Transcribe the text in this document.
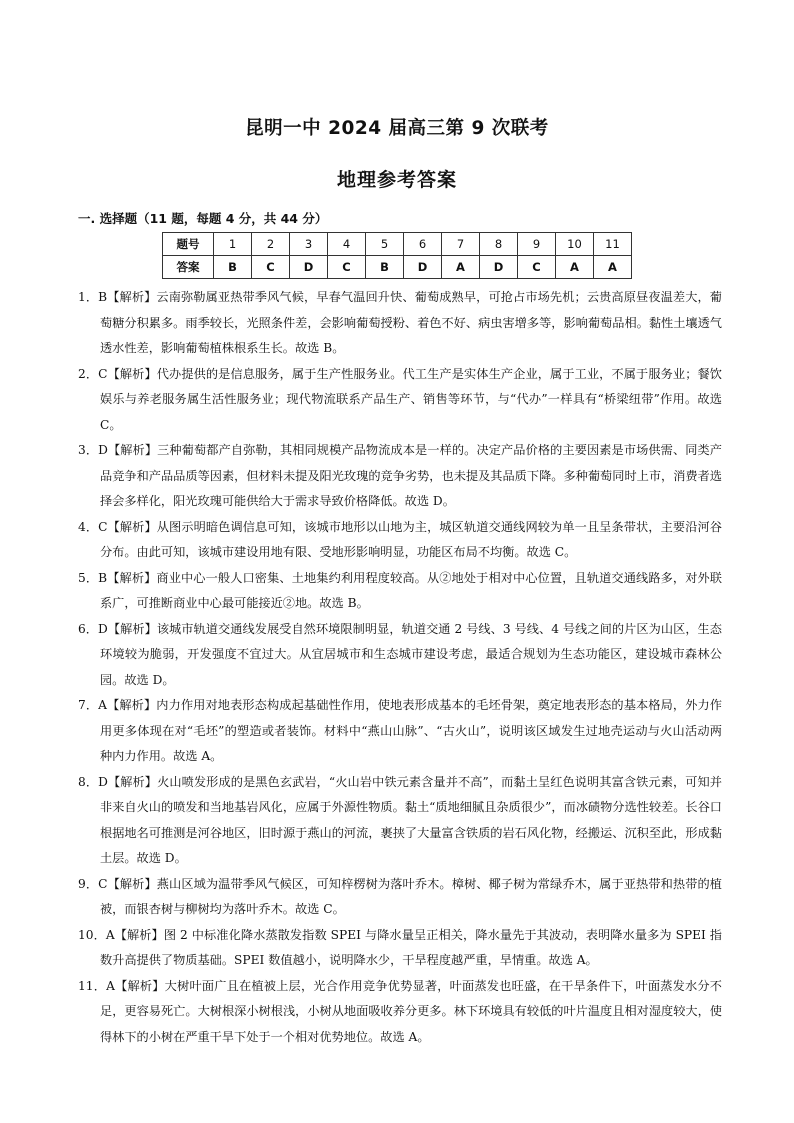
昆明一中 2024 届高三第 9 次联考
地理参考答案
一. 选择题（11 题，每题 4 分，共 44 分）
题号	1	2	3	4	5	6	7	8	9	10	11
答案	B	C	D	C	B	D	A	D	C	A	A

1．B【解析】云南弥勒属亚热带季风气候，早春气温回升快、葡萄成熟早，可抢占市场先机；云贵高原昼夜温差大，葡萄糖分积累多。雨季较长，光照条件差，会影响葡萄授粉、着色不好、病虫害增多等，影响葡萄品相。黏性土壤透气透水性差，影响葡萄植株根系生长。故选 B。

2．C【解析】代办提供的是信息服务，属于生产性服务业。代工生产是实体生产企业，属于工业，不属于服务业；餐饮娱乐与养老服务属生活性服务业；现代物流联系产品生产、销售等环节，与“代办”一样具有“桥梁纽带”作用。故选 C。

3．D【解析】三种葡萄都产自弥勒，其相同规模产品物流成本是一样的。决定产品价格的主要因素是市场供需、同类产品竞争和产品品质等因素，但材料未提及阳光玫瑰的竞争劣势，也未提及其品质下降。多种葡萄同时上市，消费者选择会多样化，阳光玫瑰可能供给大于需求导致价格降低。故选 D。

4．C【解析】从图示明暗色调信息可知，该城市地形以山地为主，城区轨道交通线网较为单一且呈条带状，主要沿河谷分布。由此可知，该城市建设用地有限、受地形影响明显，功能区布局不均衡。故选 C。

5．B【解析】商业中心一般人口密集、土地集约利用程度较高。从②地处于相对中心位置，且轨道交通线路多，对外联系广，可推断商业中心最可能接近②地。故选 B。

6．D【解析】该城市轨道交通线发展受自然环境限制明显，轨道交通 2 号线、3 号线、4 号线之间的片区为山区，生态环境较为脆弱，开发强度不宜过大。从宜居城市和生态城市建设考虑，最适合规划为生态功能区，建设城市森林公园。故选 D。

7．A【解析】内力作用对地表形态构成起基础性作用，使地表形成基本的毛坯骨架，奠定地表形态的基本格局，外力作用更多体现在对“毛坯”的塑造或者装饰。材料中“燕山山脉”、“古火山”，说明该区域发生过地壳运动与火山活动两种内力作用。故选 A。

8．D【解析】火山喷发形成的是黑色玄武岩，“火山岩中铁元素含量并不高”，而黏土呈红色说明其富含铁元素，可知并非来自火山的喷发和当地基岩风化，应属于外源性物质。黏土“质地细腻且杂质很少”，而冰碛物分选性较差。长谷口根据地名可推测是河谷地区，旧时源于燕山的河流，裹挟了大量富含铁质的岩石风化物，经搬运、沉积至此，形成黏土层。故选 D。

9．C【解析】燕山区域为温带季风气候区，可知梓楞树为落叶乔木。樟树、椰子树为常绿乔木，属于亚热带和热带的植被，而银杏树与柳树均为落叶乔木。故选 C。

10．A【解析】图 2 中标准化降水蒸散发指数 SPEI 与降水量呈正相关，降水量先于其波动，表明降水量多为 SPEI 指数升高提供了物质基础。SPEI 数值越小，说明降水少，干旱程度越严重，旱情重。故选 A。

11．A【解析】大树叶面广且在植被上层，光合作用竞争优势显著，叶面蒸发也旺盛，在干旱条件下，叶面蒸发水分不足，更容易死亡。大树根深小树根浅，小树从地面吸收养分更多。林下环境具有较低的叶片温度且相对湿度较大，使得林下的小树在严重干旱下处于一个相对优势地位。故选 A。
